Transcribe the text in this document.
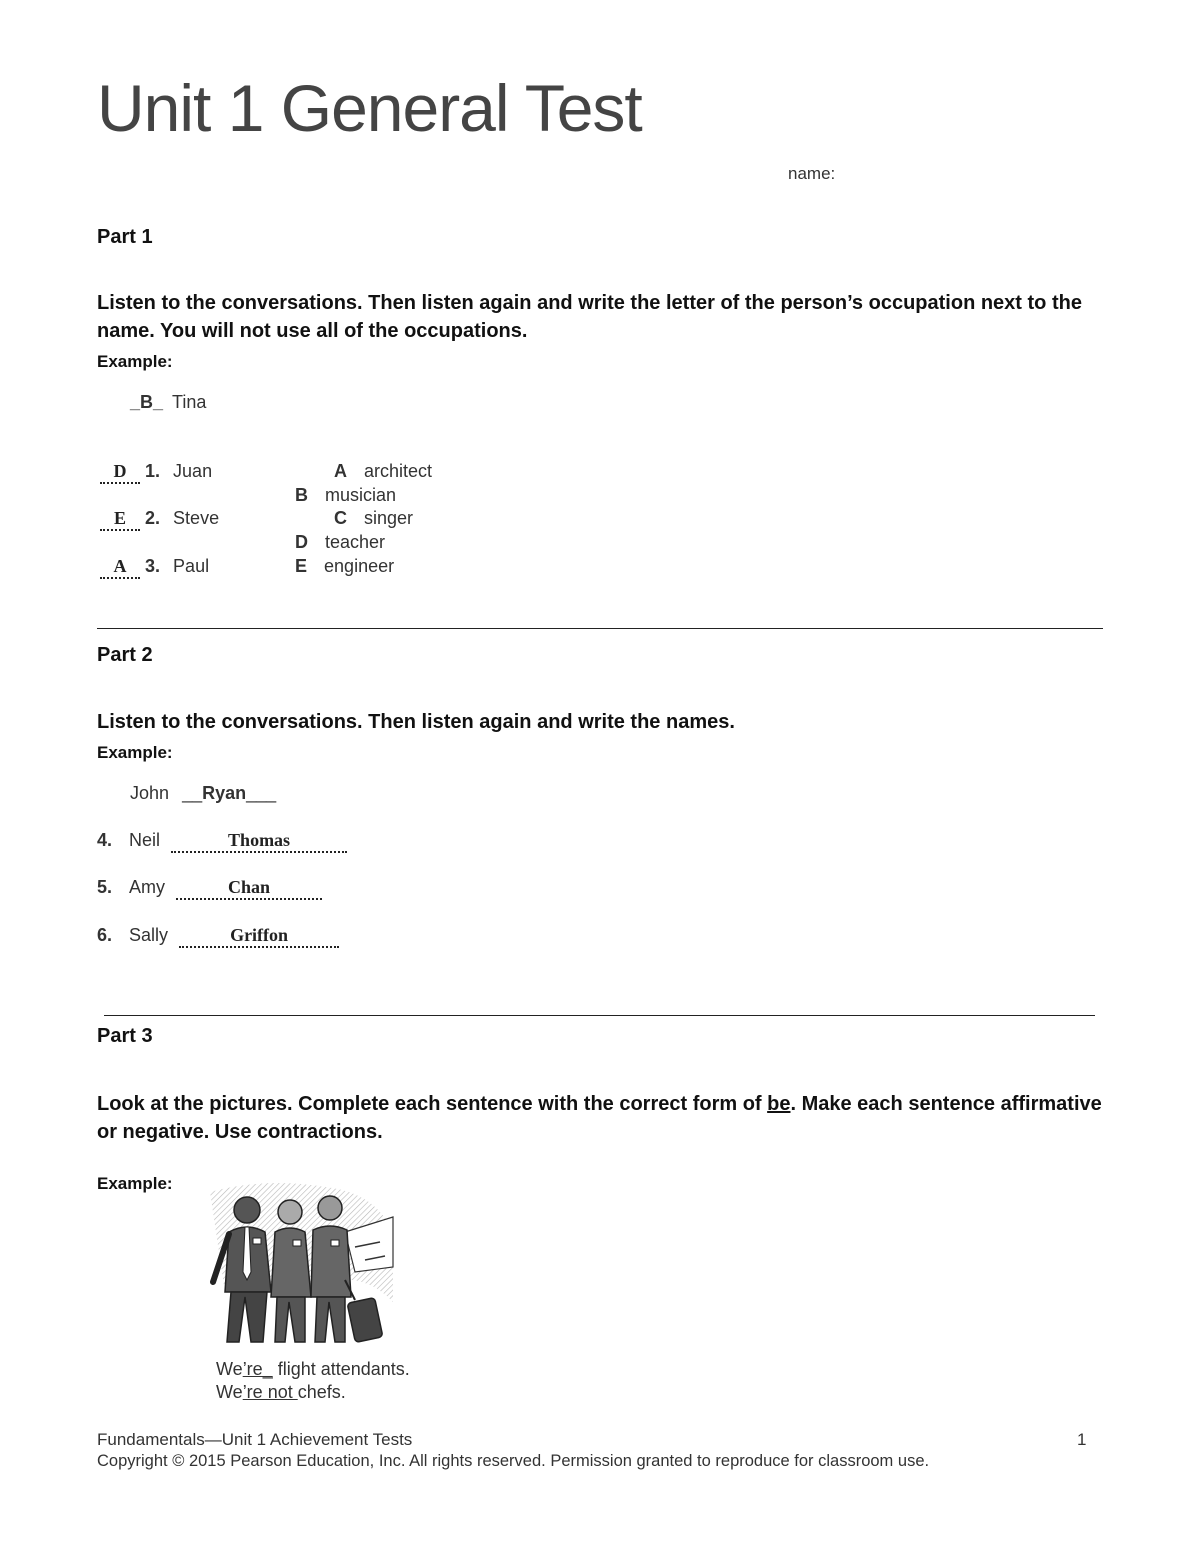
Unit 1 General Test
name:
Part 1
Listen to the conversations. Then listen again and write the letter of the person’s occupation next to the name. You will not use all of the occupations.
Example:
_B_ Tina
D 1. Juan
E 2. Steve
A 3. Paul
A architect
B musician
C singer
D teacher
E engineer
Part 2
Listen to the conversations. Then listen again and write the names.
Example:
John __Ryan___
4. Neil	Thomas
5. Amy	Chan
6. Sally	Griffon
Part 3
Look at the pictures. Complete each sentence with the correct form of be. Make each sentence affirmative or negative. Use contractions.
Example:
We’re_ flight attendants.
We’re not chefs.
Fundamentals—Unit 1 Achievement Tests	1
Copyright © 2015 Pearson Education, Inc. All rights reserved. Permission granted to reproduce for classroom use.
